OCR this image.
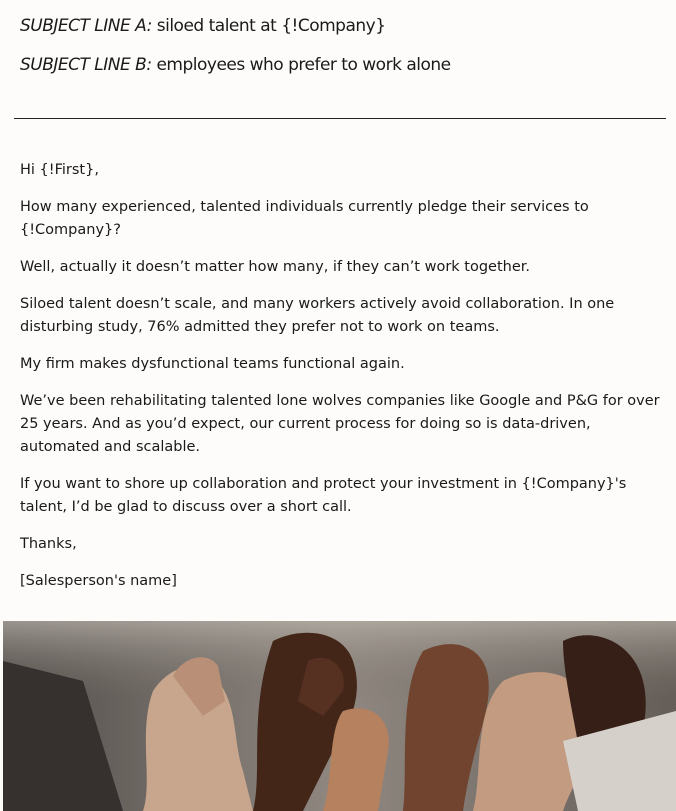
SUBJECT LINE A: siloed talent at {!Company}
SUBJECT LINE B: employees who prefer to work alone

Hi {!First},

How many experienced, talented individuals currently pledge their services to {!Company}?

Well, actually it doesn’t matter how many, if they can’t work together.

Siloed talent doesn’t scale, and many workers actively avoid collaboration. In one disturbing study, 76% admitted they prefer not to work on teams.

My firm makes dysfunctional teams functional again.

We’ve been rehabilitating talented lone wolves companies like Google and P&G for over 25 years. And as you’d expect, our current process for doing so is data-driven, automated and scalable.

If you want to shore up collaboration and protect your investment in {!Company}'s talent, I’d be glad to discuss over a short call.

Thanks,

[Salesperson's name]
